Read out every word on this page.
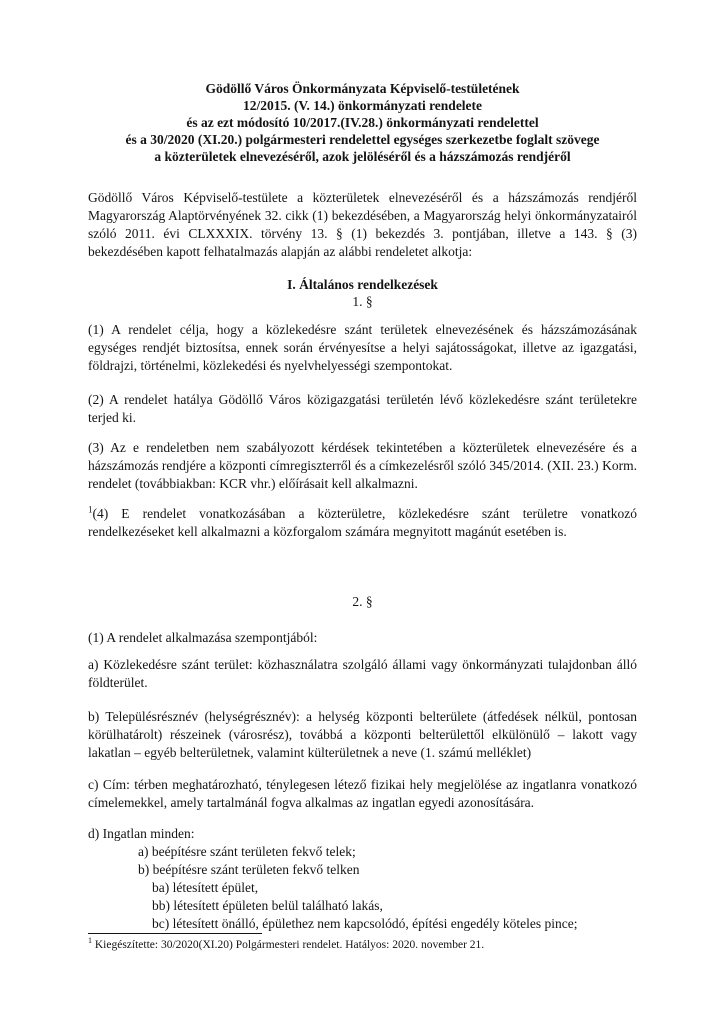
Gödöllő Város Önkormányzata Képviselő-testületének
12/2015. (V. 14.) önkormányzati rendelete
és az ezt módosító 10/2017.(IV.28.) önkormányzati rendelettel
és a 30/2020 (XI.20.) polgármesteri rendelettel egységes szerkezetbe foglalt szövege
a közterületek elnevezéséről, azok jelöléséről és a házszámozás rendjéről

Gödöllő Város Képviselő-testülete a közterületek elnevezéséről és a házszámozás rendjéről Magyarország Alaptörvényének 32. cikk (1) bekezdésében, a Magyarország helyi önkormányzatairól szóló 2011. évi CLXXXIX. törvény 13. § (1) bekezdés 3. pontjában, illetve a 143. § (3) bekezdésében kapott felhatalmazás alapján az alábbi rendeletet alkotja:

I. Általános rendelkezések
1. §

(1) A rendelet célja, hogy a közlekedésre szánt területek elnevezésének és házszámozásának egységes rendjét biztosítsa, ennek során érvényesítse a helyi sajátosságokat, illetve az igazgatási, földrajzi, történelmi, közlekedési és nyelvhelyességi szempontokat.

(2) A rendelet hatálya Gödöllő Város közigazgatási területén lévő közlekedésre szánt területekre terjed ki.

(3) Az e rendeletben nem szabályozott kérdések tekintetében a közterületek elnevezésére és a házszámozás rendjére a központi címregiszterről és a címkezelésről szóló 345/2014. (XII. 23.) Korm. rendelet (továbbiakban: KCR vhr.) előírásait kell alkalmazni.

$^1$(4) E rendelet vonatkozásában a közterületre, közlekedésre szánt területre vonatkozó rendelkezéseket kell alkalmazni a közforgalom számára megnyitott magánút esetében is.

2. §

(1) A rendelet alkalmazása szempontjából:

a) Közlekedésre szánt terület: közhasználatra szolgáló állami vagy önkormányzati tulajdonban álló földterület.

b) Településrésznév (helységrésznév): a helység központi belterülete (átfedések nélkül, pontosan körülhatárolt) részeinek (városrész), továbbá a központi belterülettől elkülönülő – lakott vagy lakatlan – egyéb belterületnek, valamint külterületnek a neve (1. számú melléklet)

c) Cím: térben meghatározható, ténylegesen létező fizikai hely megjelölése az ingatlanra vonatkozó címelemekkel, amely tartalmánál fogva alkalmas az ingatlan egyedi azonosítására.

d) Ingatlan minden:

a) beépítésre szánt területen fekvő telek;
b) beépítésre szánt területen fekvő telken
ba) létesített épület,
bb) létesített épületen belül található lakás,
bc) létesített önálló, épülethez nem kapcsolódó, építési engedély köteles pince;

$^1$ Kiegészítette: 30/2020(XI.20) Polgármesteri rendelet. Hatályos: 2020. november 21.
